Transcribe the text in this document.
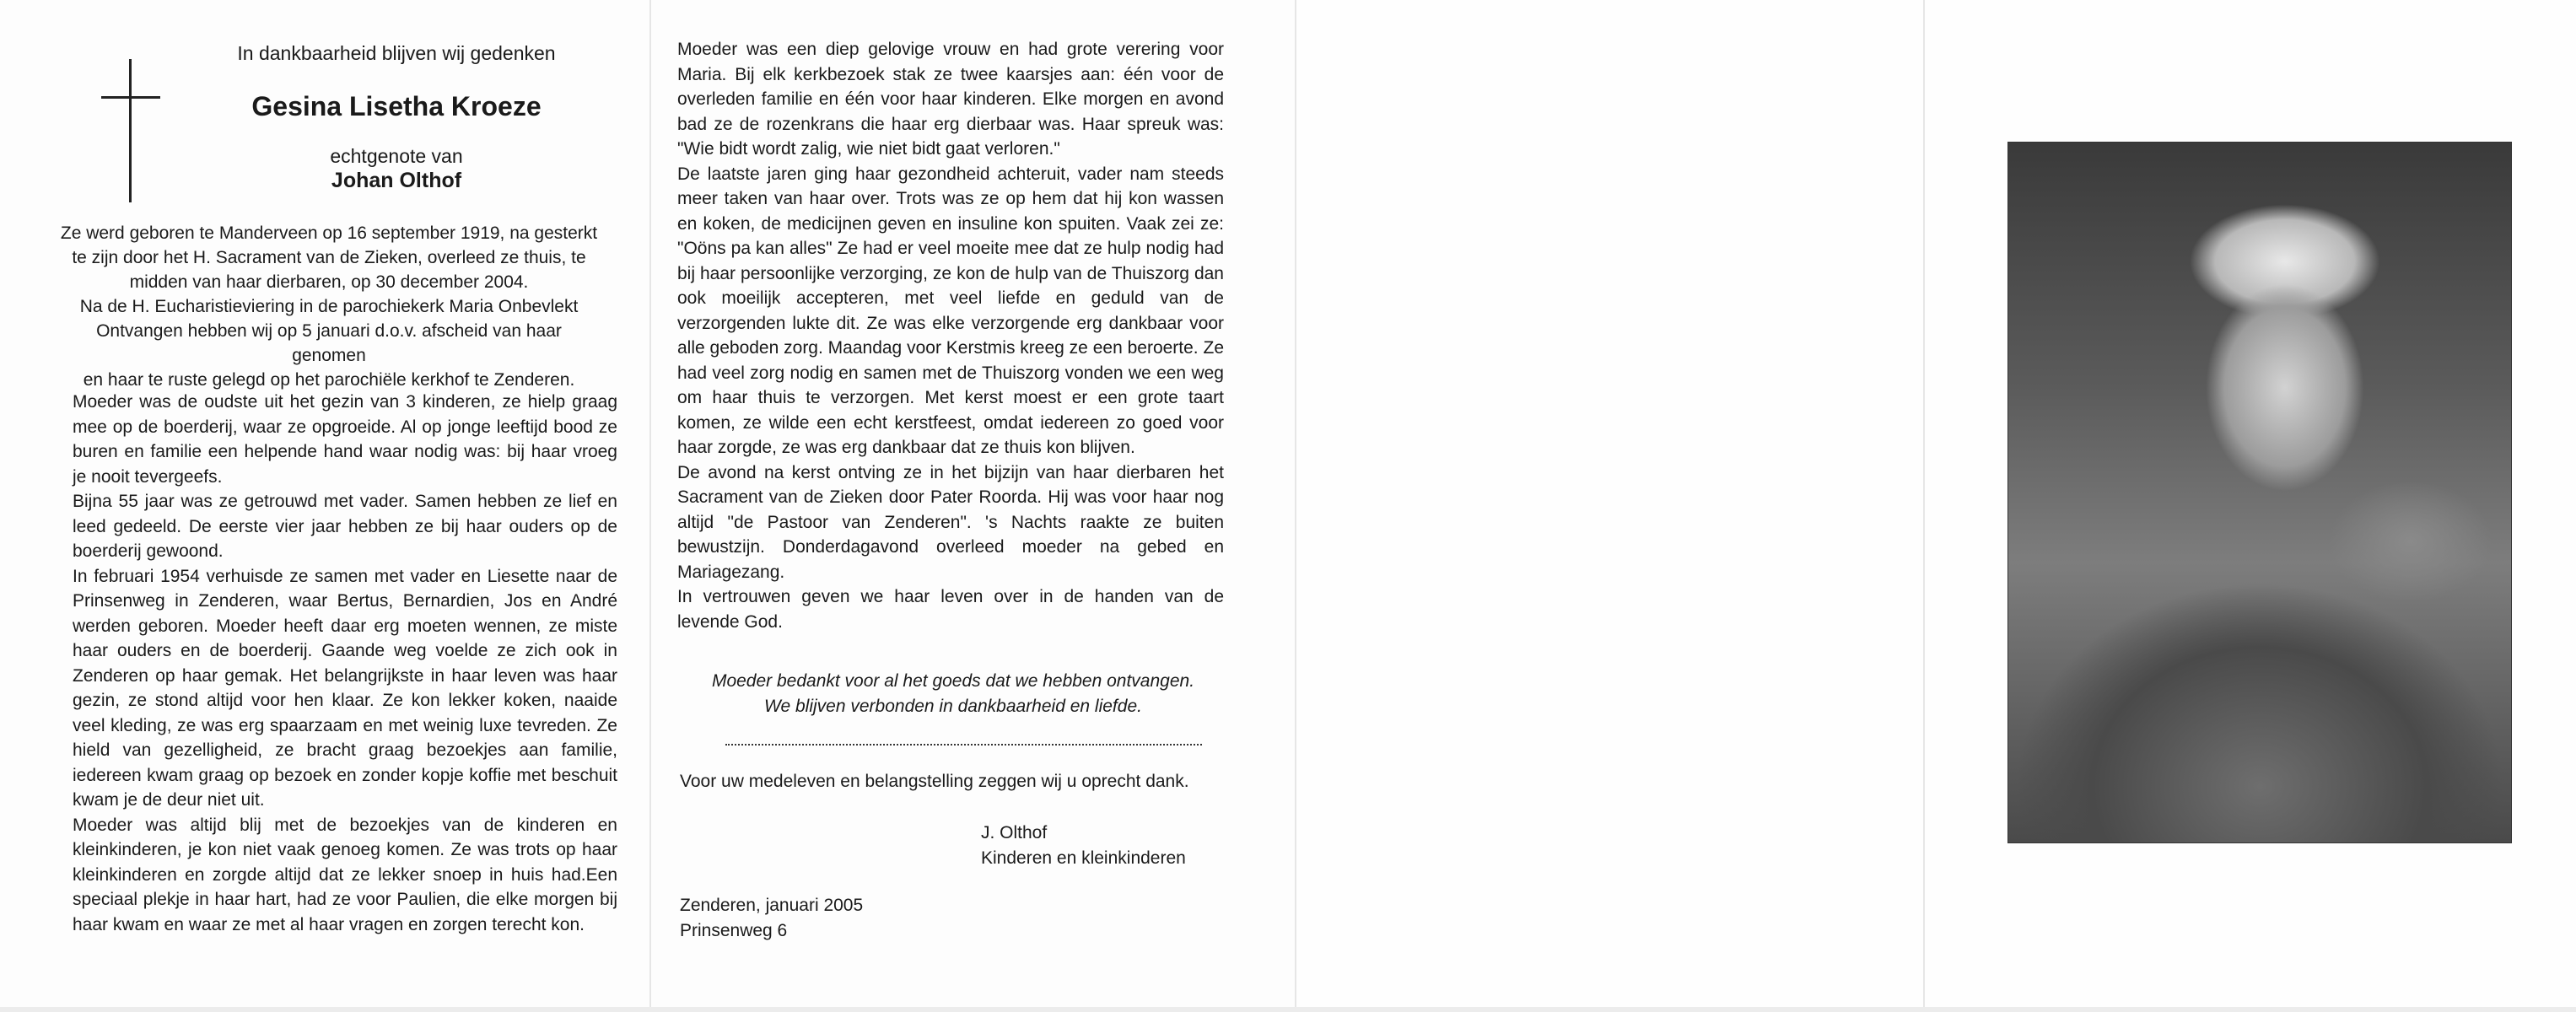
In dankbaarheid blijven wij gedenken
Gesina Lisetha Kroeze
echtgenote van
Johan Olthof
Ze werd geboren te Manderveen op 16 september 1919, na gesterkt
te zijn door het H. Sacrament van de Zieken, overleed ze thuis, te
midden van haar dierbaren, op 30 december 2004.
Na de H. Eucharistieviering in de parochiekerk Maria Onbevlekt
Ontvangen hebben wij op 5 januari d.o.v. afscheid van haar genomen
en haar te ruste gelegd op het parochiële kerkhof te Zenderen.

Moeder was de oudste uit het gezin van 3 kinderen, ze hielp graag mee op de boerderij, waar ze opgroeide. Al op jonge leeftijd bood ze buren en familie een helpende hand waar nodig was: bij haar vroeg je nooit tevergeefs.

Bijna 55 jaar was ze getrouwd met vader. Samen hebben ze lief en leed gedeeld. De eerste vier jaar hebben ze bij haar ouders op de boerderij gewoond.

In februari 1954 verhuisde ze samen met vader en Liesette naar de Prinsenweg in Zenderen, waar Bertus, Bernardien, Jos en André werden geboren. Moeder heeft daar erg moeten wennen, ze miste haar ouders en de boerderij. Gaande weg voelde ze zich ook in Zenderen op haar gemak. Het belangrijkste in haar leven was haar gezin, ze stond altijd voor hen klaar. Ze kon lekker koken, naaide veel kleding, ze was erg spaarzaam en met weinig luxe tevreden. Ze hield van gezelligheid, ze bracht graag bezoekjes aan familie, iedereen kwam graag op bezoek en zonder kopje koffie met beschuit kwam je de deur niet uit.

Moeder was altijd blij met de bezoekjes van de kinderen en kleinkinderen, je kon niet vaak genoeg komen. Ze was trots op haar kleinkinderen en zorgde altijd dat ze lekker snoep in huis had.Een speciaal plekje in haar hart, had ze voor Paulien, die elke morgen bij haar kwam en waar ze met al haar vragen en zorgen terecht kon.

Moeder was een diep gelovige vrouw en had grote verering voor Maria. Bij elk kerkbezoek stak ze twee kaarsjes aan: één voor de overleden familie en één voor haar kinderen. Elke morgen en avond bad ze de rozenkrans die haar erg dierbaar was. Haar spreuk was: "Wie bidt wordt zalig, wie niet bidt gaat verloren."

De laatste jaren ging haar gezondheid achteruit, vader nam steeds meer taken van haar over. Trots was ze op hem dat hij kon wassen en koken, de medicijnen geven en insuline kon spuiten. Vaak zei ze: "Oöns pa kan alles" Ze had er veel moeite mee dat ze hulp nodig had bij haar persoonlijke verzorging, ze kon de hulp van de Thuiszorg dan ook moeilijk accepteren, met veel liefde en geduld van de verzorgenden lukte dit. Ze was elke verzorgende erg dankbaar voor alle geboden zorg. Maandag voor Kerstmis kreeg ze een beroerte. Ze had veel zorg nodig en samen met de Thuiszorg vonden we een weg om haar thuis te verzorgen. Met kerst moest er een grote taart komen, ze wilde een echt kerstfeest, omdat iedereen zo goed voor haar zorgde, ze was erg dankbaar dat ze thuis kon blijven.

De avond na kerst ontving ze in het bijzijn van haar dierbaren het Sacrament van de Zieken door Pater Roorda. Hij was voor haar nog altijd "de Pastoor van Zenderen". 's Nachts raakte ze buiten bewustzijn. Donderdagavond overleed moeder na gebed en Mariagezang.

In vertrouwen geven we haar leven over in de handen van de levende God.

Moeder bedankt voor al het goeds dat we hebben ontvangen.
We blijven verbonden in dankbaarheid en liefde.
Voor uw medeleven en belangstelling zeggen wij u oprecht dank.
J. Olthof
Kinderen en kleinkinderen
Zenderen, januari 2005
Prinsenweg 6
